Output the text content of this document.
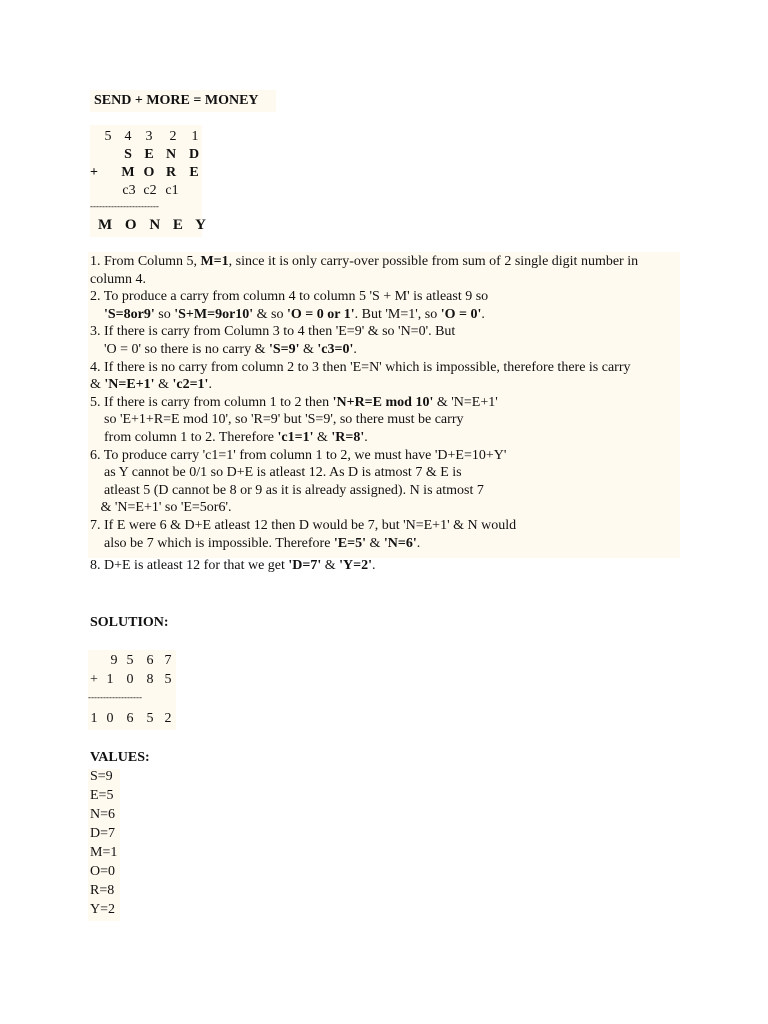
SEND + MORE = MONEY
5 4	3	2	1
S E N D
+ M O R E
c3 c2 c1
-----------------------
M O N E Y
1. From Column 5, M=1, since it is only carry-over possible from sum of 2 single digit number in
column 4.
2. To produce a carry from column 4 to column 5 'S + M' is atleast 9 so
'S=8or9' so 'S+M=9or10' & so 'O = 0 or 1'. But 'M=1', so 'O = 0'.
3. If there is carry from Column 3 to 4 then 'E=9' & so 'N=0'. But
'O = 0' so there is no carry & 'S=9' & 'c3=0'.
4. If there is no carry from column 2 to 3 then 'E=N' which is impossible, therefore there is carry
& 'N=E+1' & 'c2=1'.
5. If there is carry from column 1 to 2 then 'N+R=E mod 10' & 'N=E+1'
so 'E+1+R=E mod 10', so 'R=9' but 'S=9', so there must be carry
from column 1 to 2. Therefore 'c1=1' & 'R=8'.
6. To produce carry 'c1=1' from column 1 to 2, we must have 'D+E=10+Y'
as Y cannot be 0/1 so D+E is atleast 12. As D is atmost 7 & E is
atleast 5 (D cannot be 8 or 9 as it is already assigned). N is atmost 7
& 'N=E+1' so 'E=5or6'.
7. If E were 6 & D+E atleast 12 then D would be 7, but 'N=E+1' & N would
also be 7 which is impossible. Therefore 'E=5' & 'N=6'.
8. D+E is atleast 12 for that we get 'D=7' & 'Y=2'.
SOLUTION:
9 5 6 7
+ 1 0 8 5
------------------
1 0 6 5 2
VALUES:
S=9
E=5
N=6
D=7
M=1
O=0
R=8
Y=2
